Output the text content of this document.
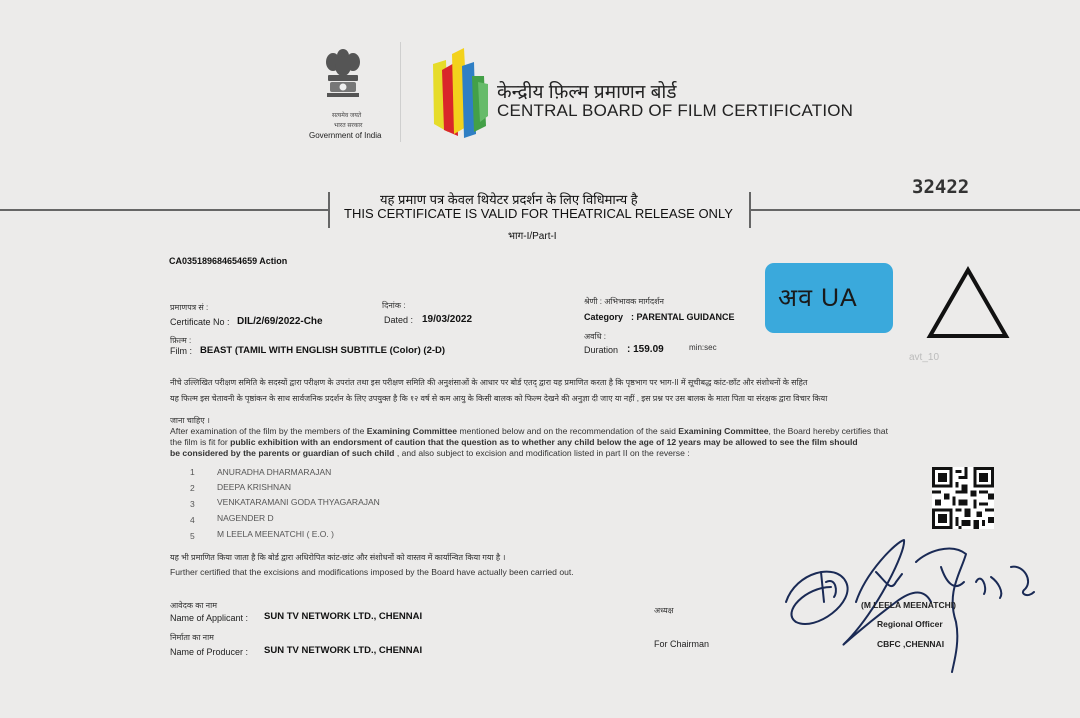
सत्यमेव जयते
भारत सरकार
Government of India
केन्द्रीय फ़िल्म प्रमाणन बोर्ड
CENTRAL BOARD OF FILM CERTIFICATION
32422
यह प्रमाण पत्र केवल थियेटर प्रदर्शन के लिए विधिमान्य है
THIS CERTIFICATE IS VALID FOR THEATRICAL RELEASE ONLY
भाग-I/Part-I
CA035189684654659 Action
प्रमाणपत्र सं :
Certificate No : DIL/2/69/2022-Che
दिनांक :
Dated : 19/03/2022
फ़िल्म :
Film : BEAST (TAMIL WITH ENGLISH SUBTITLE (Color) (2-D)
श्रेणी : अभिभावक मार्गदर्शन
Category : PARENTAL GUIDANCE
अवधि :
Duration : 159.09	min:sec
अव UA
avt_10
नीचे उल्लिखित परीक्षण समिति के सदस्यों द्वारा परीक्षण के उपरांत तथा इस परीक्षण समिति की अनुशंसाओं के आधार पर बोर्ड एतद् द्वारा यह प्रमाणित करता है कि पृष्ठभाग पर भाग-II में सूचीबद्ध कांट-छाँट और संशोधनों के सहित
यह फिल्म इस चेतावनी के पृष्ठांकन के साथ सार्वजनिक प्रदर्शन के लिए उपयुक्त है कि १२ वर्ष से कम आयु के किसी बालक को फिल्म देखने की अनुज्ञा दी जाए या नहीं , इस प्रश्न पर उस बालक के माता पिता या संरक्षक द्वारा विचार किया
जाना चाहिए ।
After examination of the film by the members of the Examining Committee mentioned below and on the recommendation of the said Examining Committee, the Board hereby certifies that
the film is fit for public exhibition with an endorsment of caution that the question as to whether any child below the age of 12 years may be allowed to see the film should
be considered by the parents or guardian of such child , and also subject to excision and modification listed in part II on the reverse :
1	ANURADHA DHARMARAJAN
2	DEEPA KRISHNAN
3	VENKATARAMANI GODA THYAGARAJAN
4	NAGENDER D
5	M LEELA MEENATCHI ( E.O. )
यह भी प्रमाणित किया जाता है कि बोर्ड द्वारा अधिरोपित कांट-छांट और संशोधनों को वास्तव में कार्यान्वित किया गया है ।
Further certified that the excisions and modifications imposed by the Board have actually been carried out.
आवेदक का नाम
Name of Applicant : SUN TV NETWORK LTD., CHENNAI
निर्माता का नाम
Name of Producer : SUN TV NETWORK LTD., CHENNAI
अध्यक्ष
For Chairman
(M LEELA MEENATCHI)
Regional Officer
CBFC ,CHENNAI
